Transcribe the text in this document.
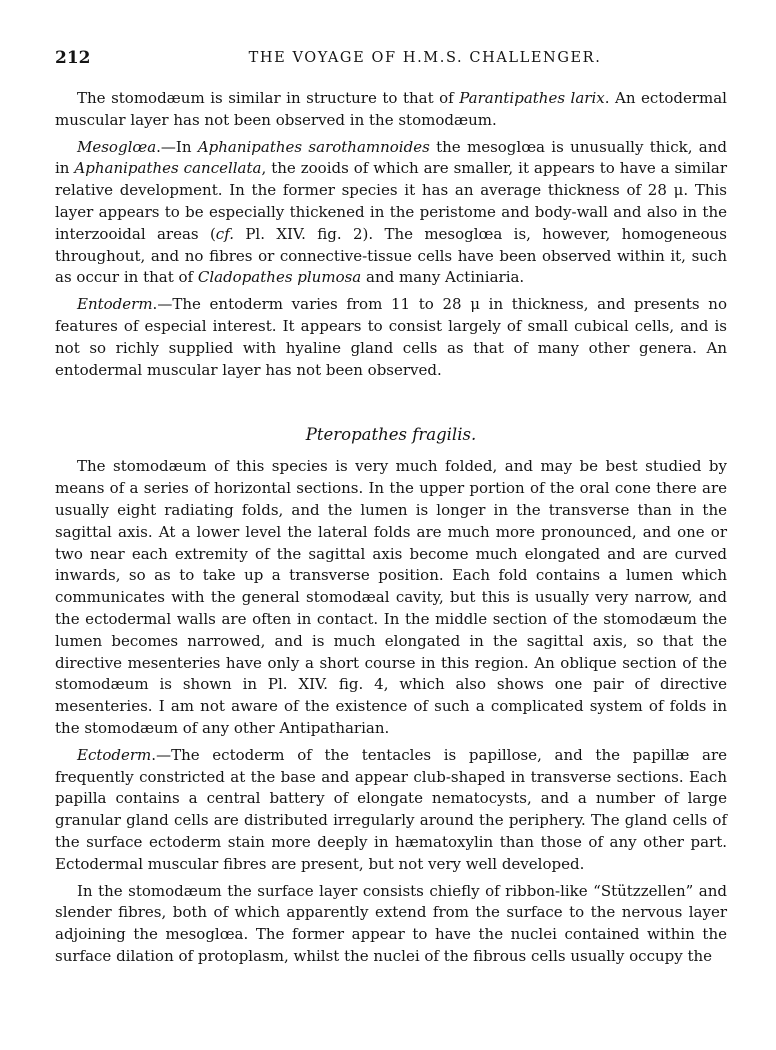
212	THE VOYAGE OF H.M.S. CHALLENGER.

The stomodæum is similar in structure to that of Parantipathes larix. An ectodermal muscular layer has not been observed in the stomodæum.

Mesoglœa.—In Aphanipathes sarothamnoides the mesoglœa is unusually thick, and in Aphanipathes cancellata, the zooids of which are smaller, it appears to have a similar relative development. In the former species it has an average thickness of 28 μ. This layer appears to be especially thickened in the peristome and body-wall and also in the interzooidal areas (cf. Pl. XIV. fig. 2). The mesoglœa is, however, homogeneous throughout, and no fibres or connective-tissue cells have been observed within it, such as occur in that of Cladopathes plumosa and many Actiniaria.

Entoderm.—The entoderm varies from 11 to 28 μ in thickness, and presents no features of especial interest. It appears to consist largely of small cubical cells, and is not so richly supplied with hyaline gland cells as that of many other genera. An entodermal muscular layer has not been observed.

Pteropathes fragilis.

The stomodæum of this species is very much folded, and may be best studied by means of a series of horizontal sections. In the upper portion of the oral cone there are usually eight radiating folds, and the lumen is longer in the transverse than in the sagittal axis. At a lower level the lateral folds are much more pronounced, and one or two near each extremity of the sagittal axis become much elongated and are curved inwards, so as to take up a transverse position. Each fold contains a lumen which communicates with the general stomodæal cavity, but this is usually very narrow, and the ectodermal walls are often in contact. In the middle section of the stomodæum the lumen becomes narrowed, and is much elongated in the sagittal axis, so that the directive mesenteries have only a short course in this region. An oblique section of the stomodæum is shown in Pl. XIV. fig. 4, which also shows one pair of directive mesenteries. I am not aware of the existence of such a complicated system of folds in the stomodæum of any other Antipatharian.

Ectoderm.—The ectoderm of the tentacles is papillose, and the papillæ are frequently constricted at the base and appear club-shaped in transverse sections. Each papilla contains a central battery of elongate nematocysts, and a number of large granular gland cells are distributed irregularly around the periphery. The gland cells of the surface ectoderm stain more deeply in hæmatoxylin than those of any other part. Ectodermal muscular fibres are present, but not very well developed.

In the stomodæum the surface layer consists chiefly of ribbon-like “Stützzellen” and slender fibres, both of which apparently extend from the surface to the nervous layer adjoining the mesoglœa. The former appear to have the nuclei contained within the surface dilation of protoplasm, whilst the nuclei of the fibrous cells usually occupy the
